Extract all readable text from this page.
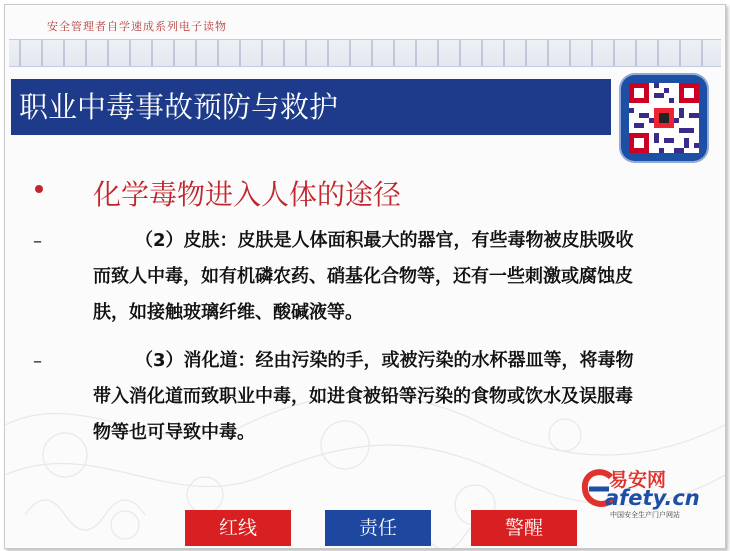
安全管理者自学速成系列电子读物
职业中毒事故预防与救护
化学毒物进入人体的途径
–	（2）皮肤：皮肤是人体面积最大的器官，有些毒物被皮肤吸收
而致人中毒，如有机磷农药、硝基化合物等，还有一些刺激或腐蚀皮
肤，如接触玻璃纤维、酸碱液等。
–	（3）消化道：经由污染的手，或被污染的水杯器皿等，将毒物
带入消化道而致职业中毒，如进食被铅等污染的食物或饮水及误服毒
物等也可导致中毒。
易安网
afety.cn
中国安全生产门户网站
红线	责任	警醒
